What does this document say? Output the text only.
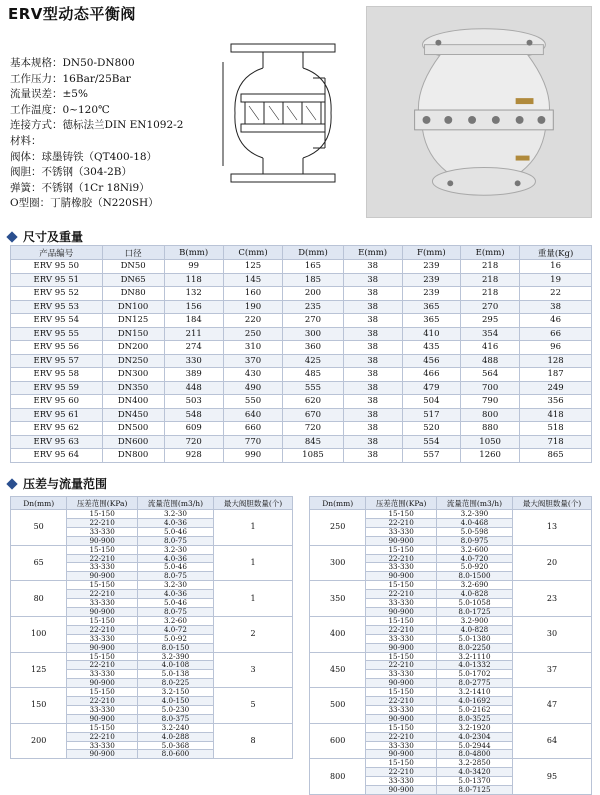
ERV型动态平衡阀
基本规格：DN50-DN800
工作压力：16Bar/25Bar
流量误差：±5%
工作温度：0~120℃
连接方式：德标法兰DIN EN1092-2
材料：
阀体：球墨铸铁（QT400-18）
阀胆：不锈钢（304-2B）
弹簧：不锈钢（1Cr 18Ni9）
O型圈：丁腈橡胶（N220SH）
尺寸及重量
产品编号	口径	B(mm)	C(mm)	D(mm)	E(mm)	F(mm)	E(mm)	重量(Kg)
ERV 95 50	DN50	99	125	165	38	239	218	16
ERV 95 51	DN65	118	145	185	38	239	218	19
ERV 95 52	DN80	132	160	200	38	239	218	22
ERV 95 53	DN100	156	190	235	38	365	270	38
ERV 95 54	DN125	184	220	270	38	365	295	46
ERV 95 55	DN150	211	250	300	38	410	354	66
ERV 95 56	DN200	274	310	360	38	435	416	96
ERV 95 57	DN250	330	370	425	38	456	488	128
ERV 95 58	DN300	389	430	485	38	466	564	187
ERV 95 59	DN350	448	490	555	38	479	700	249
ERV 95 60	DN400	503	550	620	38	504	790	356
ERV 95 61	DN450	548	640	670	38	517	800	418
ERV 95 62	DN500	609	660	720	38	520	880	518
ERV 95 63	DN600	720	770	845	38	554	1050	718
ERV 95 64	DN800	928	990	1085	38	557	1260	865
压差与流量范围
Dn(mm)	压差范围(KPa)	流量范围(m3/h)	最大阀胆数量(个)
50	15-150	3.2-30	1
	22-210	4.0-36	
	33-330	5.0-46	
	90-900	8.0-75	
65	15-150	3.2-30	1
	22-210	4.0-36	
	33-330	5.0-46	
	90-900	8.0-75	
80	15-150	3.2-30	1
	22-210	4.0-36	
	33-330	5.0-46	
	90-900	8.0-75	
100	15-150	3.2-60	2
	22-210	4.0-72	
	33-330	5.0-92	
	90-900	8.0-150	
125	15-150	3.2-390	3
	22-210	4.0-108	
	33-330	5.0-138	
	90-900	8.0-225	
150	15-150	3.2-150	5
	22-210	4.0-150	
	33-330	5.0-230	
	90-900	8.0-375	
200	15-150	3.2-240	8
	22-210	4.0-288	
	33-330	5.0-368	
	90-900	8.0-600	
Dn(mm)	压差范围(KPa)	流量范围(m3/h)	最大阀胆数量(个)
250	15-150	3.2-390	13
	22-210	4.0-468	
	33-330	5.0-598	
	90-900	8.0-975	
300	15-150	3.2-600	20
	22-210	4.0-720	
	33-330	5.0-920	
	90-900	8.0-1500	
350	15-150	3.2-690	23
	22-210	4.0-828	
	33-330	5.0-1058	
	90-900	8.0-1725	
400	15-150	3.2-900	30
	22-210	4.0-828	
	33-330	5.0-1380	
	90-900	8.0-2250	
450	15-150	3.2-1110	37
	22-210	4.0-1332	
	33-330	5.0-1702	
	90-900	8.0-2775	
500	15-150	3.2-1410	47
	22-210	4.0-1692	
	33-330	5.0-2162	
	90-900	8.0-3525	
600	15-150	3.2-1920	64
	22-210	4.0-2304	
	33-330	5.0-2944	
	90-900	8.0-4800	
800	15-150	3.2-2850	95
	22-210	4.0-3420	
	33-330	5.0-1370	
	90-900	8.0-7125	
